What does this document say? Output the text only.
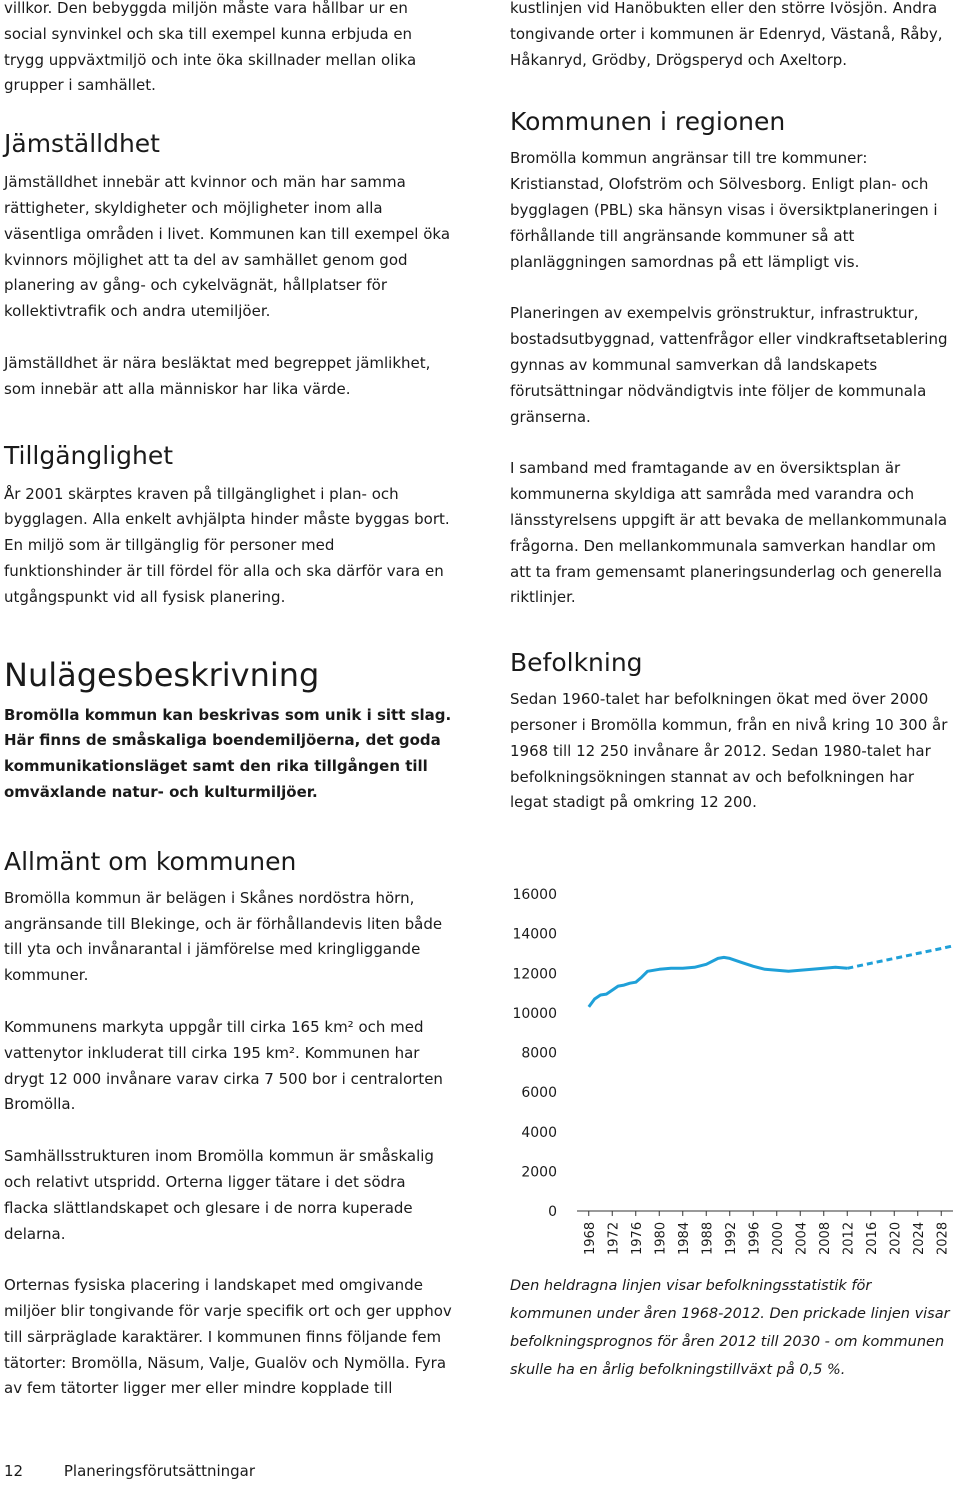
villkor. Den bebyggda miljön måste vara hållbar ur en social synvinkel och ska till exempel kunna erbjuda en trygg uppväxtmiljö och inte öka skillnader mellan olika grupper i samhället.

Jämställdhet

Jämställdhet innebär att kvinnor och män har samma rättigheter, skyldigheter och möjligheter inom alla väsentliga områden i livet. Kommunen kan till exempel öka kvinnors möjlighet att ta del av samhället genom god planering av gång- och cykelvägnät, hållplatser för kollektivtrafik och andra utemiljöer.

Jämställdhet är nära besläktat med begreppet jämlikhet, som innebär att alla människor har lika värde.

Tillgänglighet

År 2001 skärptes kraven på tillgänglighet i plan- och bygglagen. Alla enkelt avhjälpta hinder måste byggas bort. En miljö som är tillgänglig för personer med funktionshinder är till fördel för alla och ska därför vara en utgångspunkt vid all fysisk planering.

Nulägesbeskrivning

Bromölla kommun kan beskrivas som unik i sitt slag. Här finns de småskaliga boendemiljöerna, det goda kommunikationsläget samt den rika tillgången till omväxlande natur- och kulturmiljöer.

Allmänt om kommunen

Bromölla kommun är belägen i Skånes nordöstra hörn, angränsande till Blekinge, och är förhållandevis liten både till yta och invånarantal i jämförelse med kringliggande kommuner.

Kommunens markyta uppgår till cirka 165 km² och med vattenytor inkluderat till cirka 195 km². Kommunen har drygt 12 000 invånare varav cirka 7 500 bor i centralorten Bromölla.

Samhällsstrukturen inom Bromölla kommun är småskalig och relativt utspridd. Orterna ligger tätare i det södra flacka slättlandskapet och glesare i de norra kuperade delarna.

Orternas fysiska placering i landskapet med omgivande miljöer blir tongivande för varje specifik ort och ger upphov till särpräglade karaktärer. I kommunen finns följande fem tätorter: Bromölla, Näsum, Valje, Gualöv och Nymölla. Fyra av fem tätorter ligger mer eller mindre kopplade till

kustlinjen vid Hanöbukten eller den större Ivösjön. Andra tongivande orter i kommunen är Edenryd, Västanå, Råby, Håkanryd, Grödby, Drögsperyd och Axeltorp.

Kommunen i regionen

Bromölla kommun angränsar till tre kommuner: Kristianstad, Olofström och Sölvesborg. Enligt plan- och bygglagen (PBL) ska hänsyn visas i översiktplaneringen i förhållande till angränsande kommuner så att planläggningen samordnas på ett lämpligt vis.

Planeringen av exempelvis grönstruktur, infrastruktur, bostadsutbyggnad, vattenfrågor eller vindkraftsetablering gynnas av kommunal samverkan då landskapets förutsättningar nödvändigtvis inte följer de kommunala gränserna.

I samband med framtagande av en översiktsplan är kommunerna skyldiga att samråda med varandra och länsstyrelsens uppgift är att bevaka de mellankommunala frågorna. Den mellankommunala samverkan handlar om att ta fram gemensamt planeringsunderlag och generella riktlinjer.

Befolkning

Sedan 1960-talet har befolkningen ökat med över 2000 personer i Bromölla kommun, från en nivå kring 10 300 år 1968 till 12 250 invånare år 2012. Sedan 1980-talet har befolkningsökningen stannat av och befolkningen har legat stadigt på omkring 12 200.

0
2000
4000
6000
8000
10000
12000
14000
16000
1968 1972 1976 1980 1984 1988 1992 1996 2000 2004 2008 2012 2016 2020 2024 2028

Den heldragna linjen visar befolkningsstatistik för kommunen under åren 1968-2012. Den prickade linjen visar befolkningsprognos för åren 2012 till 2030 - om kommunen skulle ha en årlig befolkningstillväxt på 0,5 %.

12	Planeringsförutsättningar
